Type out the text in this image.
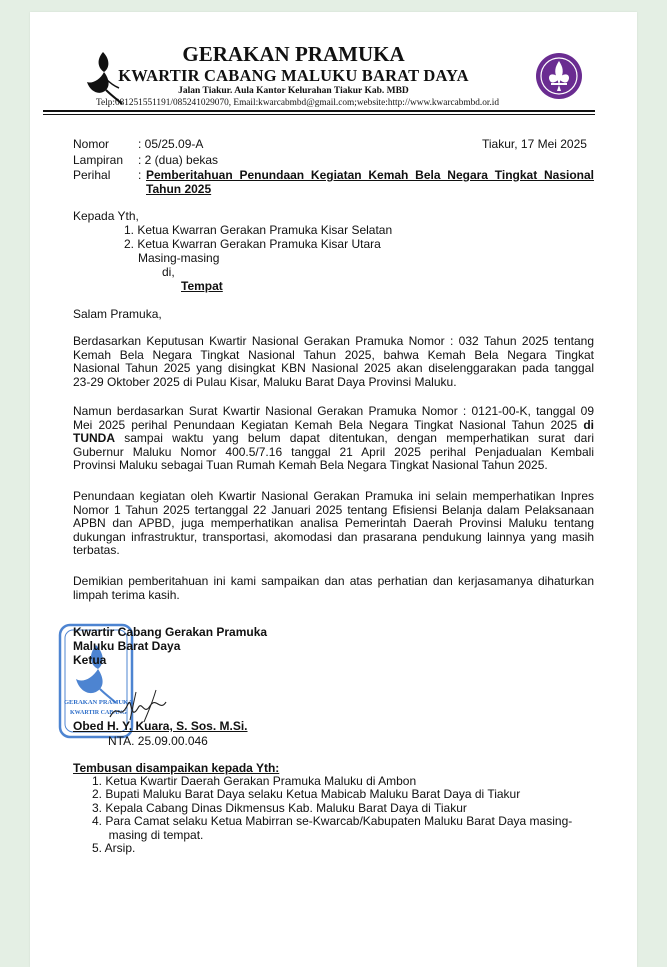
GERAKAN PRAMUKA
KWARTIR CABANG MALUKU BARAT DAYA
Jalan Tiakur. Aula Kantor Kelurahan Tiakur Kab. MBD
Telp:081251551191/085241029070, Email:kwarcabmbd@gmail.com;website:http://www.kwarcabmbd.or.id
Nomor : 05/25.09-A	Tiakur, 17 Mei 2025
Lampiran : 2 (dua) bekas
Perihal : Pemberitahuan Penundaan Kegiatan Kemah Bela Negara Tingkat Nasional
Tahun 2025
Kepada Yth,
1. Ketua Kwarran Gerakan Pramuka Kisar Selatan
2. Ketua Kwarran Gerakan Pramuka Kisar Utara
Masing-masing
di,
Tempat
Salam Pramuka,
Berdasarkan Keputusan Kwartir Nasional Gerakan Pramuka Nomor : 032 Tahun 2025 tentang
Kemah Bela Negara Tingkat Nasional Tahun 2025, bahwa Kemah Bela Negara Tingkat
Nasional Tahun 2025 yang disingkat KBN Nasional 2025 akan diselenggarakan pada tanggal
23-29 Oktober 2025 di Pulau Kisar, Maluku Barat Daya Provinsi Maluku.
Namun berdasarkan Surat Kwartir Nasional Gerakan Pramuka Nomor : 0121-00-K, tanggal 09
Mei 2025 perihal Penundaan Kegiatan Kemah Bela Negara Tingkat Nasional Tahun 2025 di
TUNDA sampai waktu yang belum dapat ditentukan, dengan memperhatikan surat dari
Gubernur Maluku Nomor 400.5/7.16 tanggal 21 April 2025 perihal Penjadualan Kembali
Provinsi Maluku sebagai Tuan Rumah Kemah Bela Negara Tingkat Nasional Tahun 2025.
Penundaan kegiatan oleh Kwartir Nasional Gerakan Pramuka ini selain memperhatikan Inpres
Nomor 1 Tahun 2025 tertanggal 22 Januari 2025 tentang Efisiensi Belanja dalam Pelaksanaan
APBN dan APBD, juga memperhatikan analisa Pemerintah Daerah Provinsi Maluku tentang
dukungan infrastruktur, transportasi, akomodasi dan prasarana pendukung lainnya yang masih
terbatas.
Demikian pemberitahuan ini kami sampaikan dan atas perhatian dan kerjasamanya dihaturkan
limpah terima kasih.
GERAKAN PRAMUKA
KWARTIR CABANG
Kwartir Cabang Gerakan Pramuka
Maluku Barat Daya
Ketua
Obed H. Y. Kuara, S. Sos. M.Si.
NTA. 25.09.00.046
Tembusan disampaikan kepada Yth:
1. Ketua Kwartir Daerah Gerakan Pramuka Maluku di Ambon
2. Bupati Maluku Barat Daya selaku Ketua Mabicab Maluku Barat Daya di Tiakur
3. Kepala Cabang Dinas Dikmensus Kab. Maluku Barat Daya di Tiakur
4. Para Camat selaku Ketua Mabirran se-Kwarcab/Kabupaten Maluku Barat Daya masing-
masing di tempat.
5. Arsip.
